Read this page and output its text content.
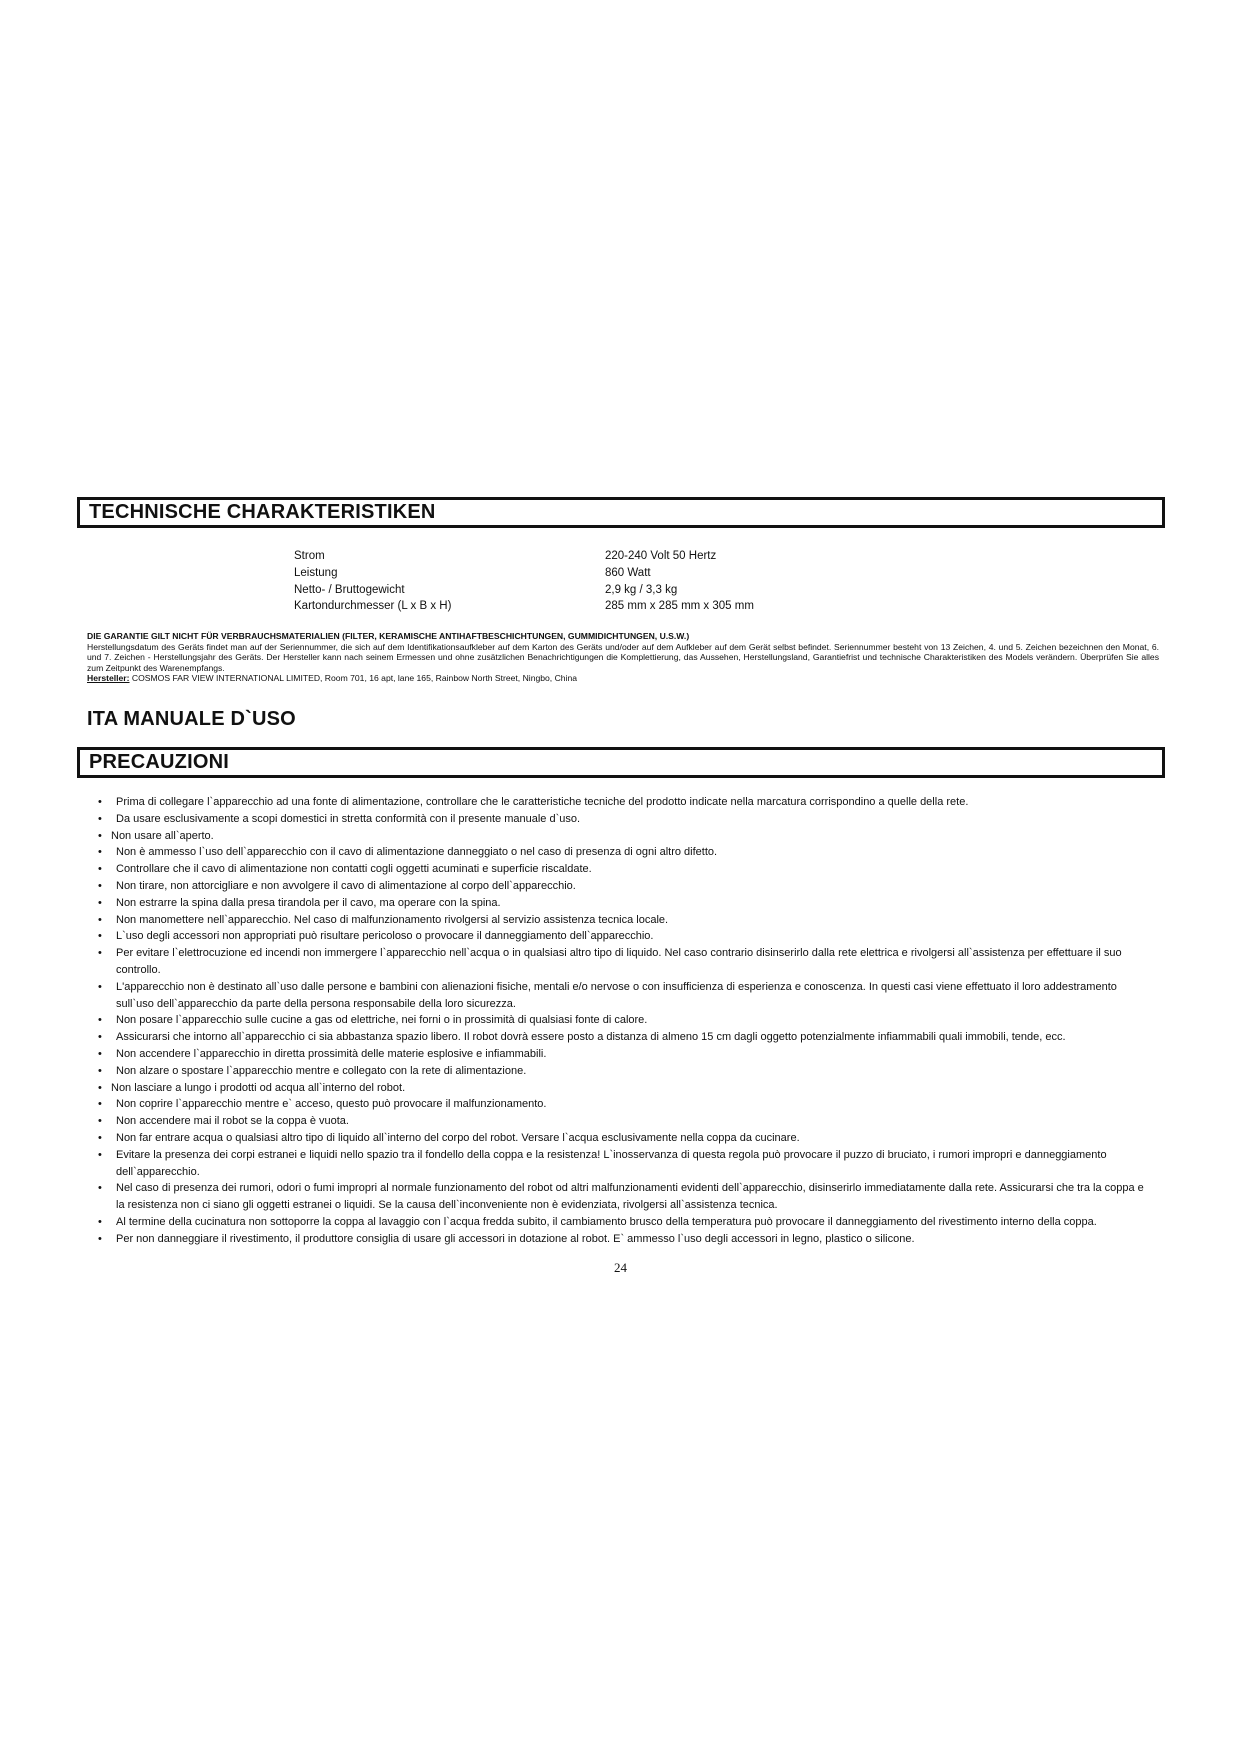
TECHNISCHE CHARAKTERISTIKEN
Strom	220-240 Volt 50 Hertz
Leistung	860 Watt
Netto- / Bruttogewicht	2,9 kg / 3,3 kg
Kartondurchmesser (L x B x H)	285 mm x 285 mm x 305 mm

DIE GARANTIE GILT NICHT FÜR VERBRAUCHSMATERIALIEN (FILTER, KERAMISCHE ANTIHAFTBESCHICHTUNGEN, GUMMIDICHTUNGEN, U.S.W.)

Herstellungsdatum des Geräts findet man auf der Seriennummer, die sich auf dem Identifikationsaufkleber auf dem Karton des Geräts und/oder auf dem Aufkleber auf dem Gerät selbst befindet. Seriennummer besteht von 13 Zeichen, 4. und 5. Zeichen bezeichnen den Monat, 6. und 7. Zeichen - Herstellungsjahr des Geräts. Der Hersteller kann nach seinem Ermessen und ohne zusätzlichen Benachrichtigungen die Komplettierung, das Aussehen, Herstellungsland, Garantiefrist und technische Charakteristiken des Models verändern. Überprüfen Sie alles zum Zeitpunkt des Warenempfangs.

Hersteller: COSMOS FAR VIEW INTERNATIONAL LIMITED, Room 701, 16 apt, lane 165, Rainbow North Street, Ningbo, China

ITA MANUALE D`USO
PRECAUZIONI
• Prima di collegare l`apparecchio ad una fonte di alimentazione, controllare che le caratteristiche tecniche del prodotto indicate nella marcatura corrispondino a quelle della rete.
• Da usare esclusivamente a scopi domestici in stretta conformità con il presente manuale d`uso.
• Non usare all`aperto.
• Non è ammesso l`uso dell`apparecchio con il cavo di alimentazione danneggiato o nel caso di presenza di ogni altro difetto.
• Controllare che il cavo di alimentazione non contatti cogli oggetti acuminati e superficie riscaldate.
• Non tirare, non attorcigliare e non avvolgere il cavo di alimentazione al corpo dell`apparecchio.
• Non estrarre la spina dalla presa tirandola per il cavo, ma operare con la spina.
• Non manomettere nell`apparecchio. Nel caso di malfunzionamento rivolgersi al servizio assistenza tecnica locale.
• L`uso degli accessori non appropriati può risultare pericoloso o provocare il danneggiamento dell`apparecchio.
• Per evitare l`elettrocuzione ed incendi non immergere l`apparecchio nell`acqua o in qualsiasi altro tipo di liquido. Nel caso contrario disinserirlo dalla rete elettrica e rivolgersi all`assistenza per effettuare il suo controllo.
• L'apparecchio non è destinato all`uso dalle persone e bambini con alienazioni fisiche, mentali e/o nervose o con insufficienza di esperienza e conoscenza. In questi casi viene effettuato il loro addestramento sull`uso dell`apparecchio da parte della persona responsabile della loro sicurezza.
• Non posare l`apparecchio sulle cucine a gas od elettriche, nei forni o in prossimità di qualsiasi fonte di calore.
• Assicurarsi che intorno all`apparecchio ci sia abbastanza spazio libero. Il robot dovrà essere posto a distanza di almeno 15 cm dagli oggetto potenzialmente infiammabili quali immobili, tende, ecc.
• Non accendere l`apparecchio in diretta prossimità delle materie esplosive e infiammabili.
• Non alzare o spostare l`apparecchio mentre e collegato con la rete di alimentazione.
• Non lasciare a lungo i prodotti od acqua all`interno del robot.
• Non coprire l`apparecchio mentre e` acceso, questo può provocare il malfunzionamento.
• Non accendere mai il robot se la coppa è vuota.
• Non far entrare acqua o qualsiasi altro tipo di liquido all`interno del corpo del robot. Versare l`acqua esclusivamente nella coppa da cucinare.
• Evitare la presenza dei corpi estranei e liquidi nello spazio tra il fondello della coppa e la resistenza! L`inosservanza di questa regola può provocare il puzzo di bruciato, i rumori impropri e danneggiamento dell`apparecchio.
• Nel caso di presenza dei rumori, odori o fumi impropri al normale funzionamento del robot od altri malfunzionamenti evidenti dell`apparecchio, disinserirlo immediatamente dalla rete. Assicurarsi che tra la coppa e la resistenza non ci siano gli oggetti estranei o liquidi. Se la causa dell`inconveniente non è evidenziata, rivolgersi all`assistenza tecnica.
• Al termine della cucinatura non sottoporre la coppa al lavaggio con l`acqua fredda subito, il cambiamento brusco della temperatura può provocare il danneggiamento del rivestimento interno della coppa.
• Per non danneggiare il rivestimento, il produttore consiglia di usare gli accessori in dotazione al robot. E` ammesso l`uso degli accessori in legno, plastico o silicone.
24
